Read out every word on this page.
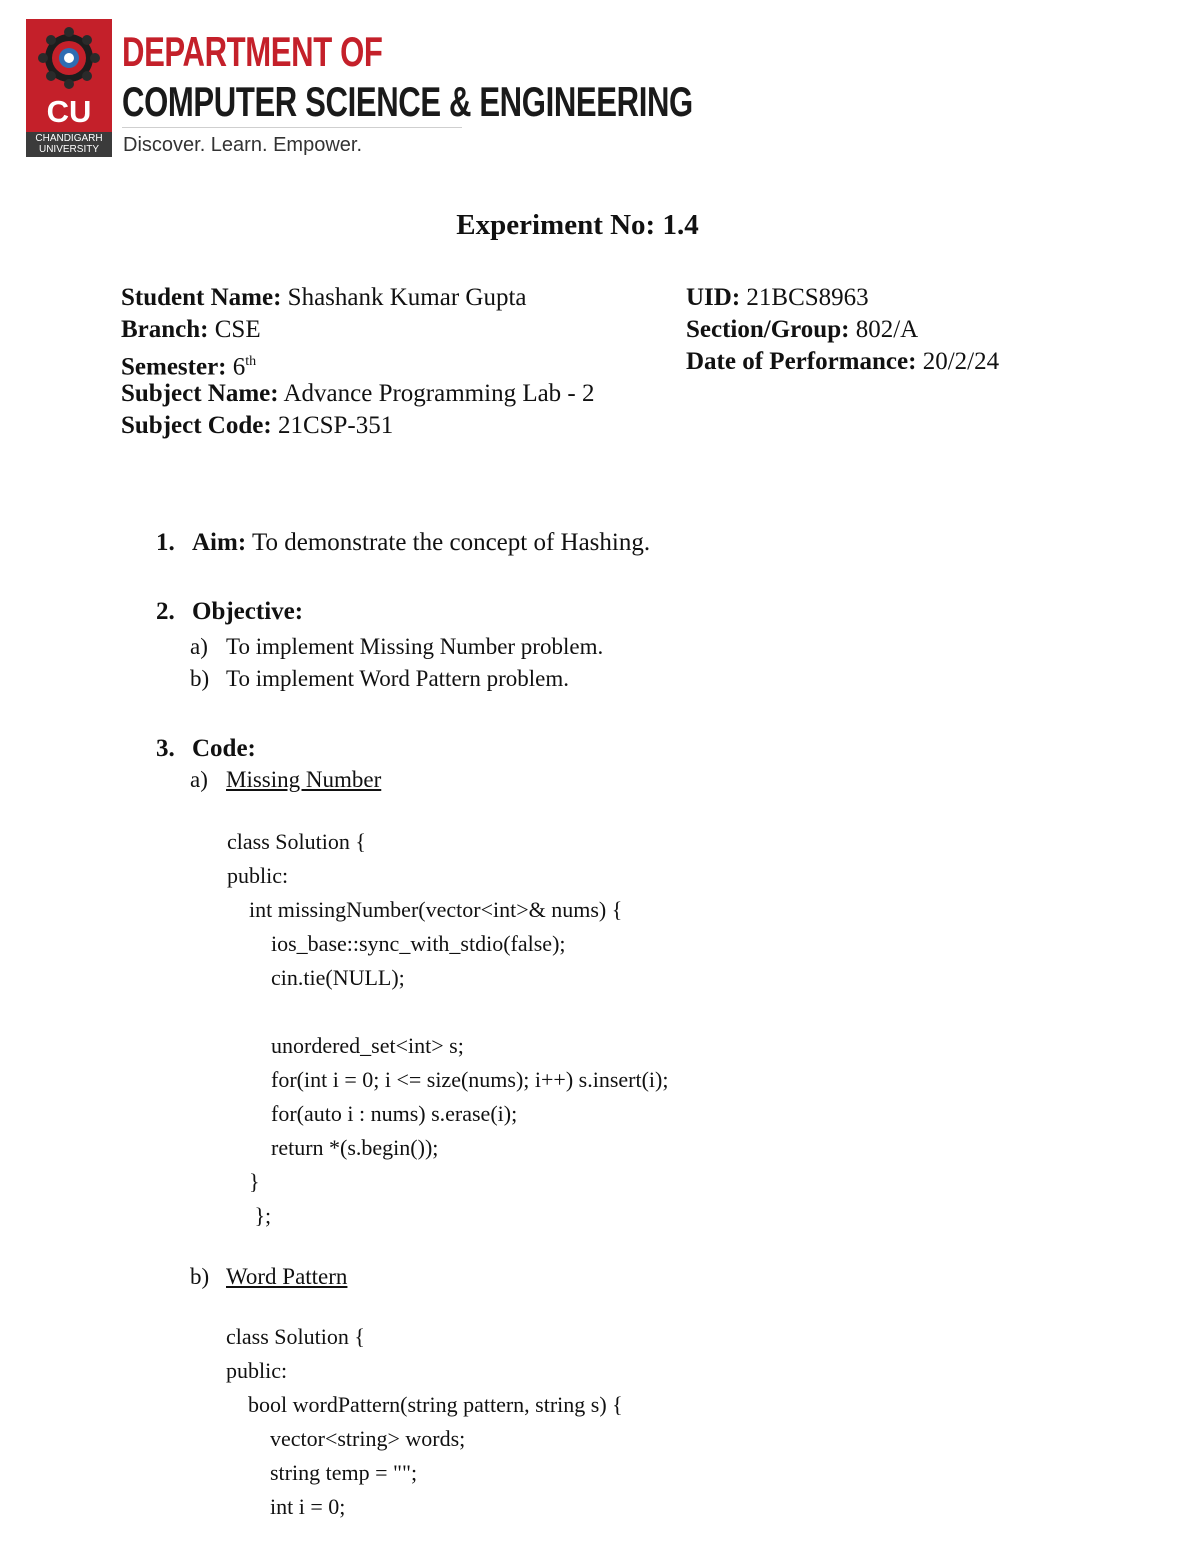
CU
CHANDIGARH
UNIVERSITY
DEPARTMENT OF
COMPUTER SCIENCE & ENGINEERING
Discover. Learn. Empower.
Experiment No: 1.4
Student Name: Shashank Kumar Gupta
Branch: CSE
Semester: 6th
Subject Name: Advance Programming Lab - 2
Subject Code: 21CSP-351
UID: 21BCS8963
Section/Group: 802/A
Date of Performance: 20/2/24
1. Aim: To demonstrate the concept of Hashing.
2. Objective:
a) To implement Missing Number problem.
b) To implement Word Pattern problem.
3. Code:
a) Missing Number
class Solution {
public:
int missingNumber(vector<int>& nums) {
ios_base::sync_with_stdio(false);
cin.tie(NULL);
unordered_set<int> s;
for(int i = 0; i <= size(nums); i++) s.insert(i);
for(auto i : nums) s.erase(i);
return *(s.begin());
}
};
b) Word Pattern
class Solution {
public:
bool wordPattern(string pattern, string s) {
vector<string> words;
string temp = "";
int i = 0;
